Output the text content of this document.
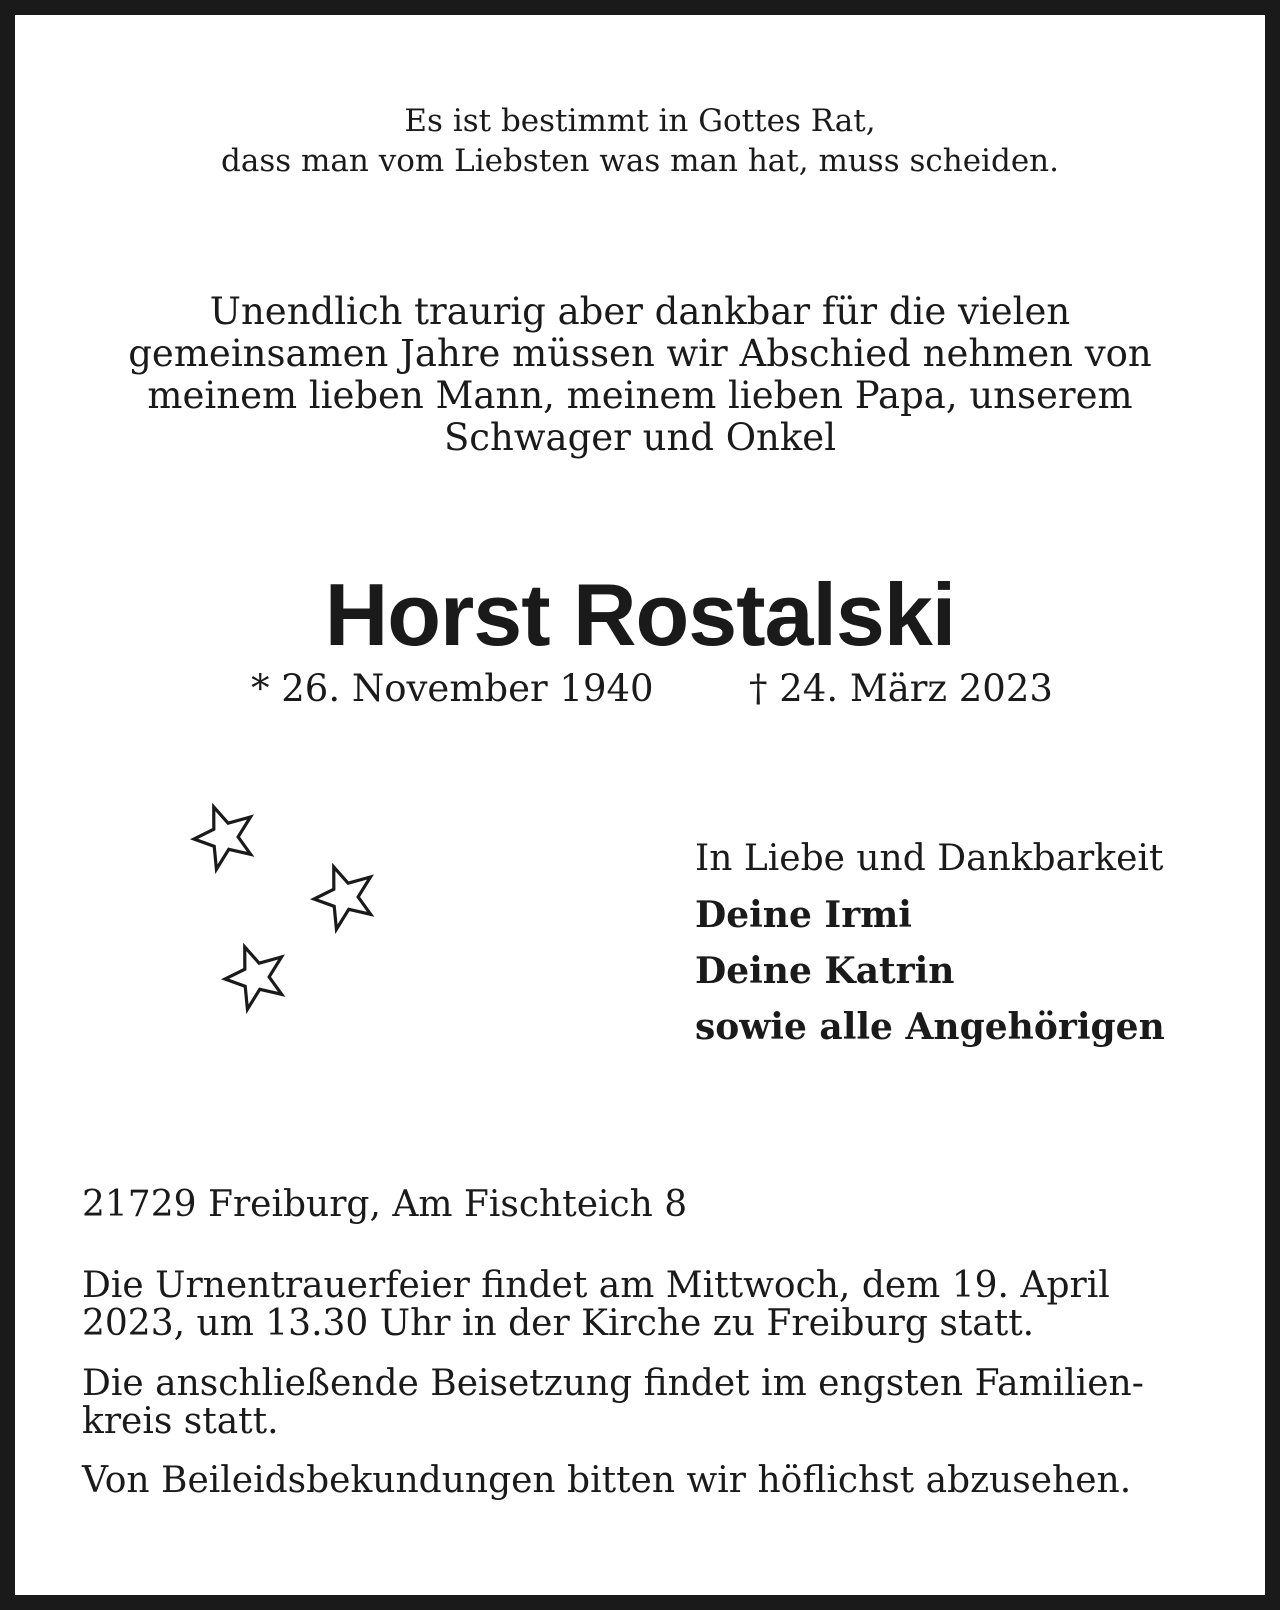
Es ist bestimmt in Gottes Rat,
dass man vom Liebsten was man hat, muss scheiden.
Unendlich traurig aber dankbar für die vielen
gemeinsamen Jahre müssen wir Abschied nehmen von
meinem lieben Mann, meinem lieben Papa, unserem
Schwager und Onkel
Horst Rostalski
* 26. November 1940	† 24. März 2023
In Liebe und Dankbarkeit
Deine Irmi
Deine Katrin
sowie alle Angehörigen
21729 Freiburg, Am Fischteich 8
Die Urnentrauerfeier findet am Mittwoch, dem 19. April
2023, um 13.30 Uhr in der Kirche zu Freiburg statt.
Die anschließende Beisetzung findet im engsten Familien-
kreis statt.
Von Beileidsbekundungen bitten wir höflichst abzusehen.
